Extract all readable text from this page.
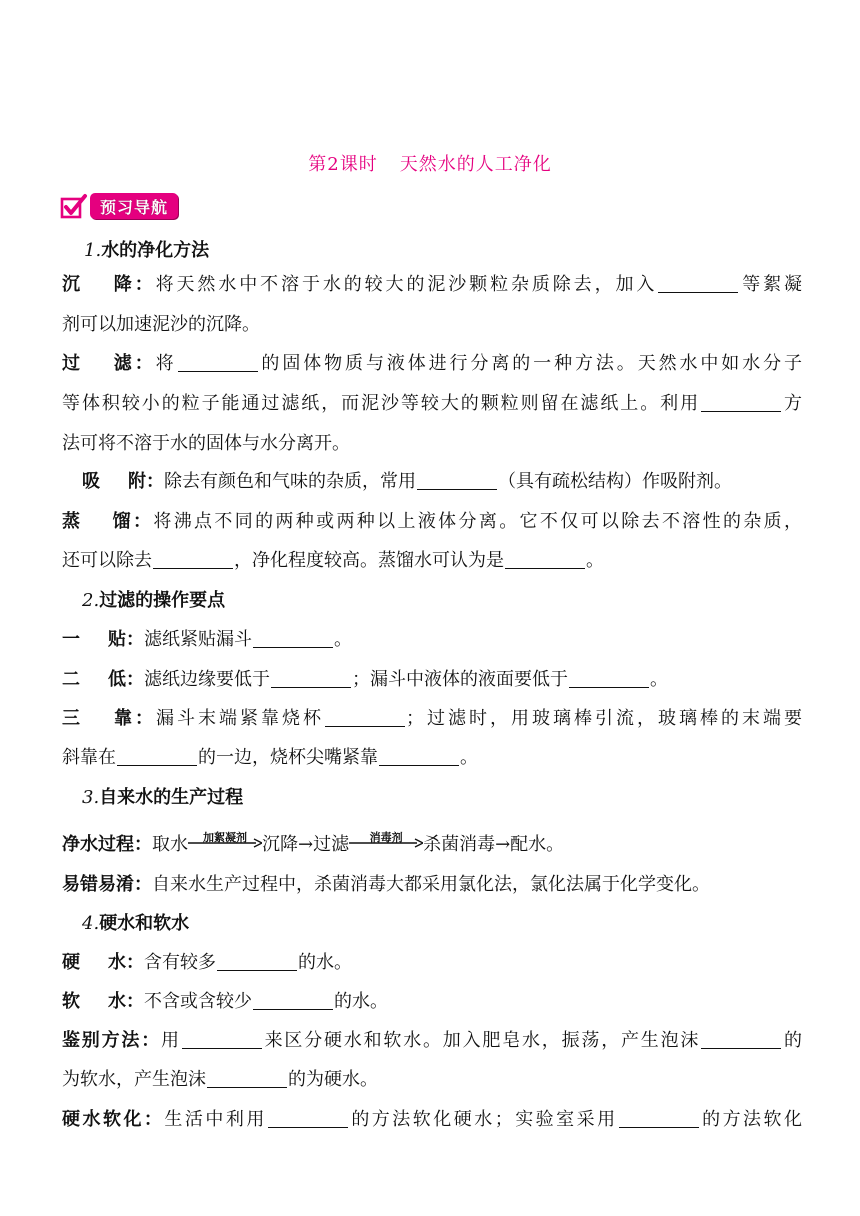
第2课时 天然水的人工净化
预习导航
1.水的净化方法
沉 降：将天然水中不溶于水的较大的泥沙颗粒杂质除去，加入	等絮凝
剂可以加速泥沙的沉降。
过 滤：将	的固体物质与液体进行分离的一种方法。天然水中如水分子
等体积较小的粒子能通过滤纸，而泥沙等较大的颗粒则留在滤纸上。利用	方
法可将不溶于水的固体与水分离开。
吸 附：除去有颜色和气味的杂质，常用	（具有疏松结构）作吸附剂。
蒸 馏：将沸点不同的两种或两种以上液体分离。它不仅可以除去不溶性的杂质，
还可以除去	，净化程度较高。蒸馏水可认为是	。
2.过滤的操作要点
一 贴：滤纸紧贴漏斗	。
二 低：滤纸边缘要低于	；漏斗中液体的液面要低于	。
三 靠：漏斗末端紧靠烧杯	；过滤时，用玻璃棒引流，玻璃棒的末端要
斜靠在	的一边，烧杯尖嘴紧靠	。
3.自来水的生产过程
净水过程：取水	加絮凝剂 沉降→过滤	消毒剂	杀菌消毒→配水。
易错易淆：自来水生产过程中，杀菌消毒大都采用氯化法，氯化法属于化学变化。
4.硬水和软水
硬 水：含有较多	的水。
软 水：不含或含较少	的水。
鉴别方法：用	来区分硬水和软水。加入肥皂水，振荡，产生泡沫	的
为软水，产生泡沫	的为硬水。
硬水软化：生活中利用	的方法软化硬水；实验室采用	的方法软化
